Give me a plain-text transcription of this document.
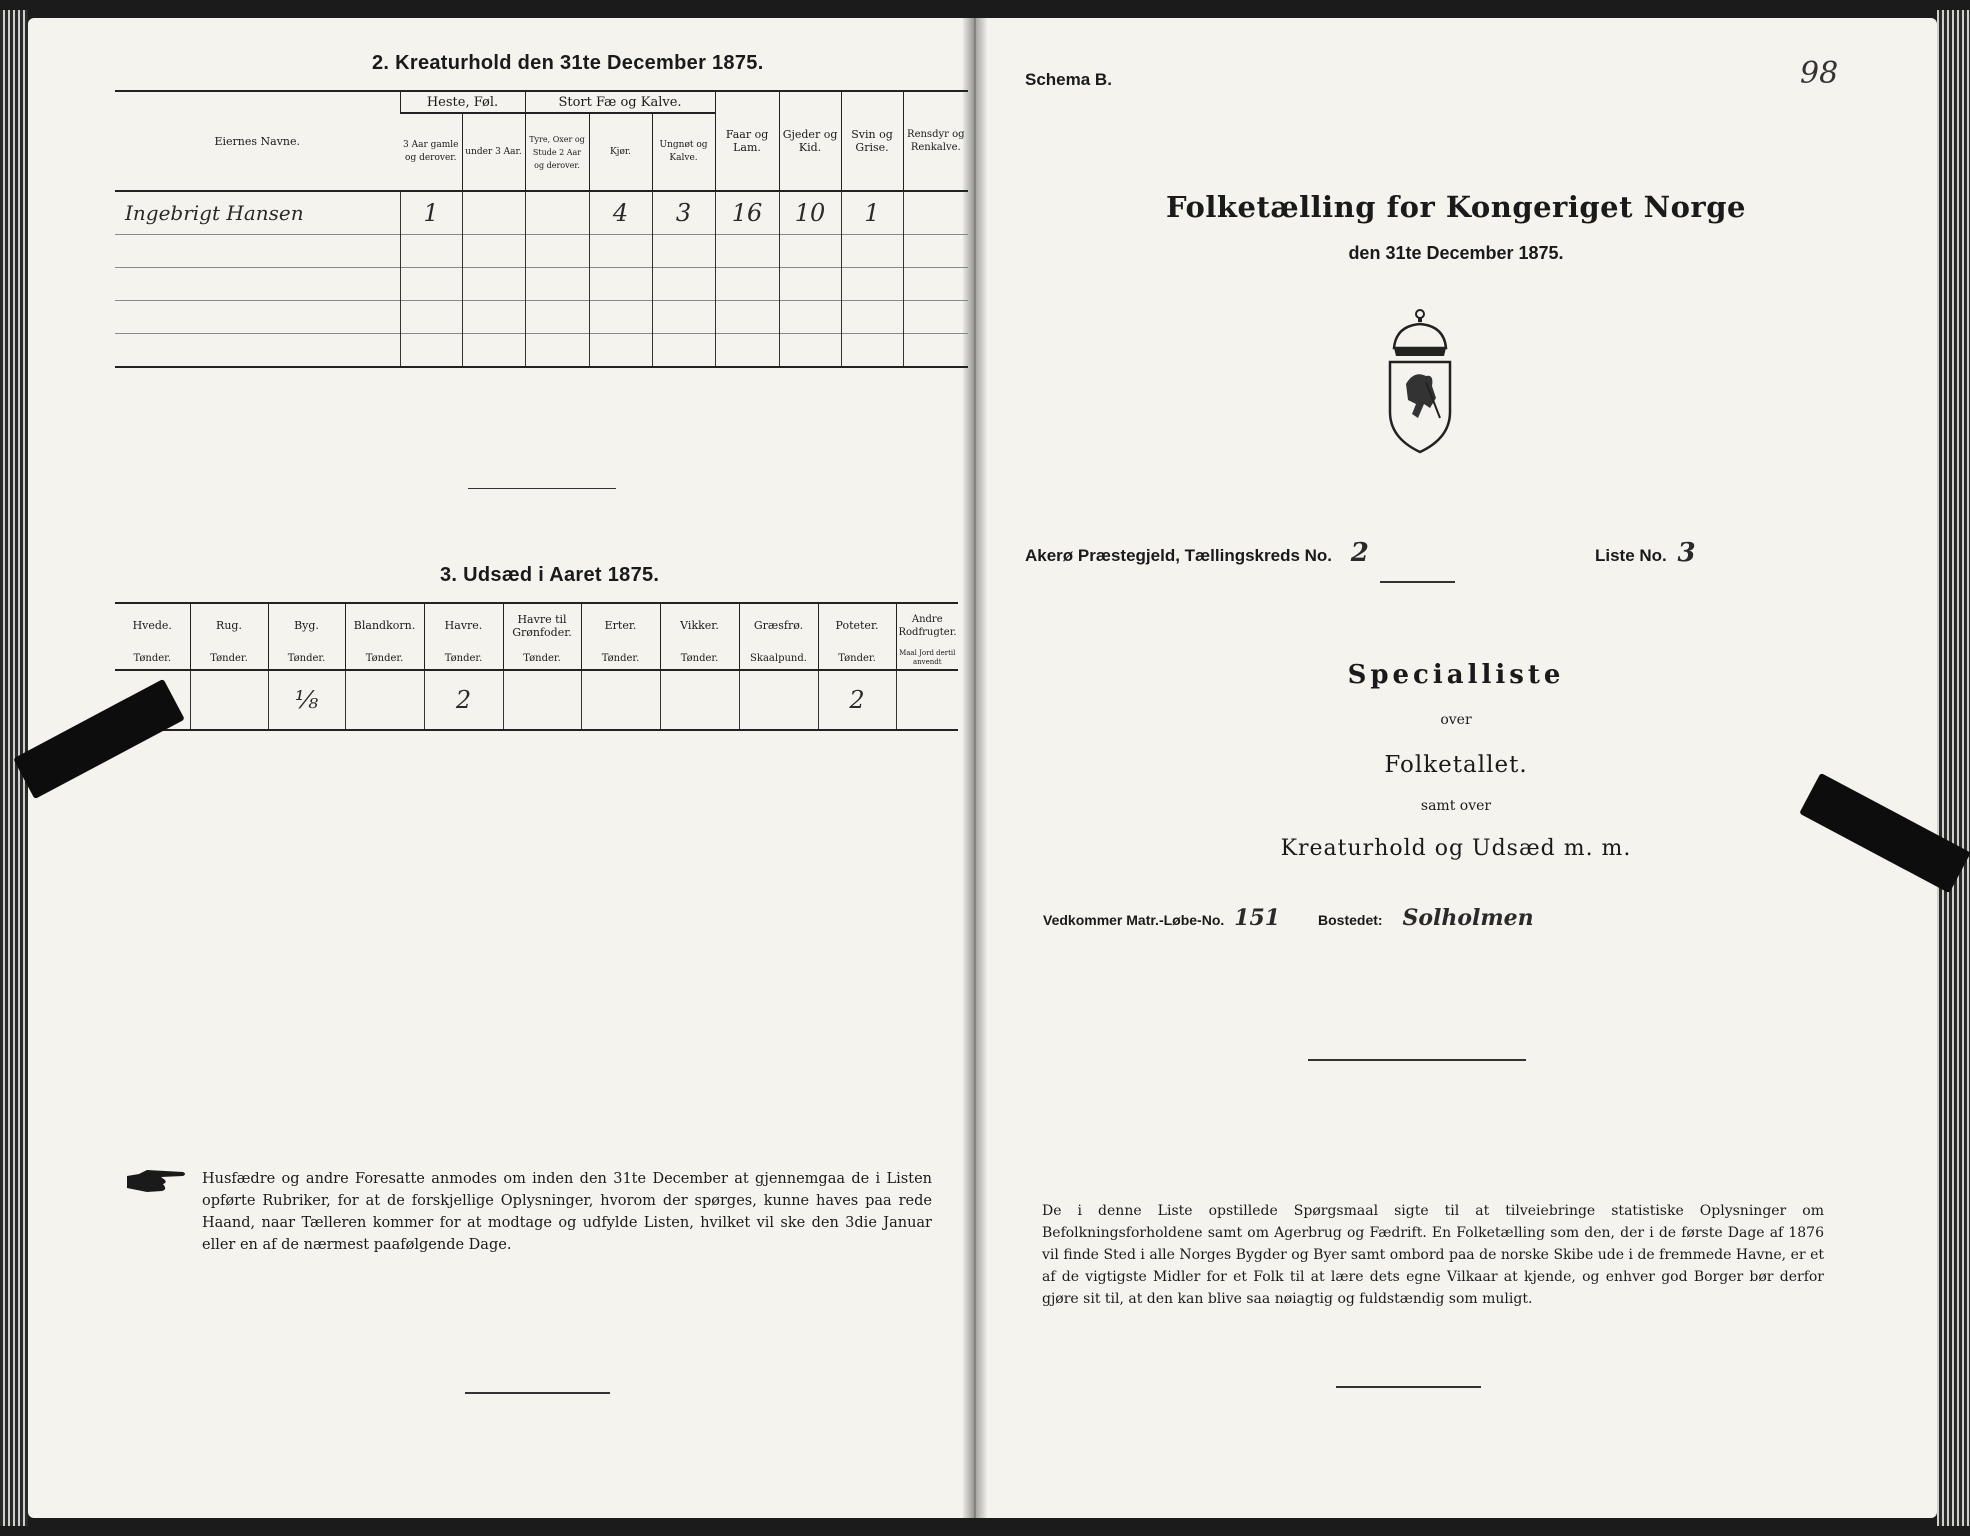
2. Kreaturhold den 31te December 1875.
Eiernes Navne.	Heste, Føl.		Stort Fæ og Kalve.			Faar og Lam.	Gjeder og Kid.	Svin og Grise.	Rensdyr og Renkalve.
	3 Aar gamle og derover.	under 3 Aar.	Tyre, Oxer og Stude 2 Aar og derover.	Kjør.	Ungnøt og Kalve.				

Ingebrigt Hansen	1			4	3	16	10	1	

3. Udsæd i Aaret 1875.
Hvede.	Rug.	Byg.	Blandkorn.	Havre.	Havre til Grønfoder.	Erter.	Vikker.	Græsfrø.	Poteter.	Andre Rodfrugter.
Tønder.	Tønder.	Tønder.	Tønder.	Tønder.	Tønder.	Tønder.	Tønder.	Skaalpund.	Tønder.	Maal Jord dertil anvendt
		⅛		2					2	
Husfædre og andre Foresatte anmodes om inden den 31te December at gjennemgaa de i Listen opførte Rubriker, for at de forskjellige Oplysninger, hvorom der spørges, kunne haves paa rede Haand, naar Tælleren kommer for at modtage og udfylde Listen, hvilket vil ske den 3die Januar eller en af de nærmest paafølgende Dage.
Schema B.	98
Folketælling for Kongeriget Norge
den 31te December 1875.
Akerø Præstegjeld, Tællingskreds No. 2	Liste No. 3
Specialliste
over
Folketallet.
samt over
Kreaturhold og Udsæd m. m.
Vedkommer Matr.-Løbe-No. 151	Bostedet: Solholmen
De i denne Liste opstillede Spørgsmaal sigte til at tilveiebringe statistiske Oplysninger om Befolkningsforholdene samt om Agerbrug og Fædrift. En Folketælling som den, der i de første Dage af 1876 vil finde Sted i alle Norges Bygder og Byer samt ombord paa de norske Skibe ude i de fremmede Havne, er et af de vigtigste Midler for et Folk til at lære dets egne Vilkaar at kjende, og enhver god Borger bør derfor gjøre sit til, at den kan blive saa nøiagtig og fuldstændig som muligt.
